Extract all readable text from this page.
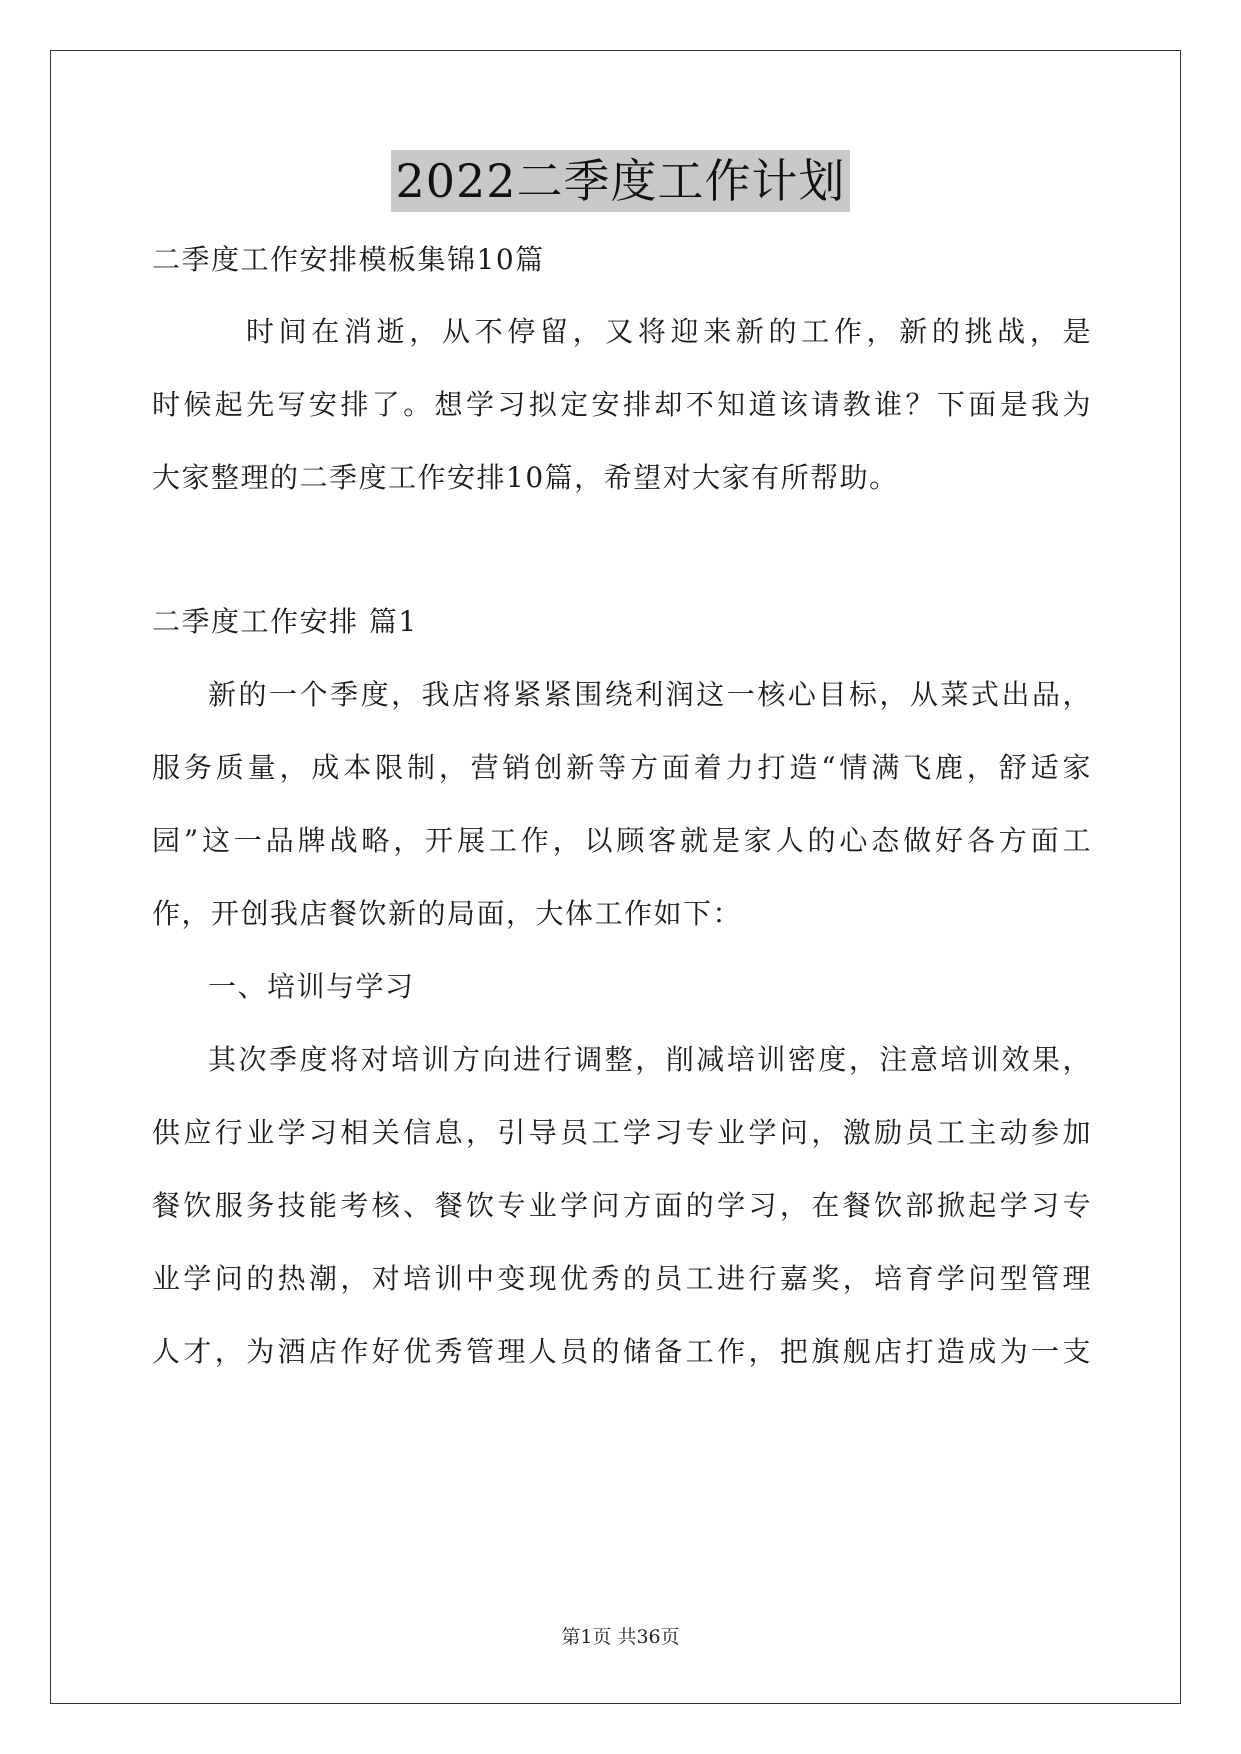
2022二季度工作计划
二季度工作安排模板集锦10篇
时间在消逝，从不停留，又将迎来新的工作，新的挑战，是
时候起先写安排了。想学习拟定安排却不知道该请教谁？下面是我为
大家整理的二季度工作安排10篇，希望对大家有所帮助。
二季度工作安排 篇1
新的一个季度，我店将紧紧围绕利润这一核心目标，从菜式出品，
服务质量，成本限制，营销创新等方面着力打造“情满飞鹿，舒适家
园”这一品牌战略，开展工作，以顾客就是家人的心态做好各方面工
作，开创我店餐饮新的局面，大体工作如下：
一、培训与学习
其次季度将对培训方向进行调整，削减培训密度，注意培训效果，
供应行业学习相关信息，引导员工学习专业学问，激励员工主动参加
餐饮服务技能考核、餐饮专业学问方面的学习，在餐饮部掀起学习专
业学问的热潮，对培训中变现优秀的员工进行嘉奖，培育学问型管理
人才，为酒店作好优秀管理人员的储备工作，把旗舰店打造成为一支
第1页 共36页
